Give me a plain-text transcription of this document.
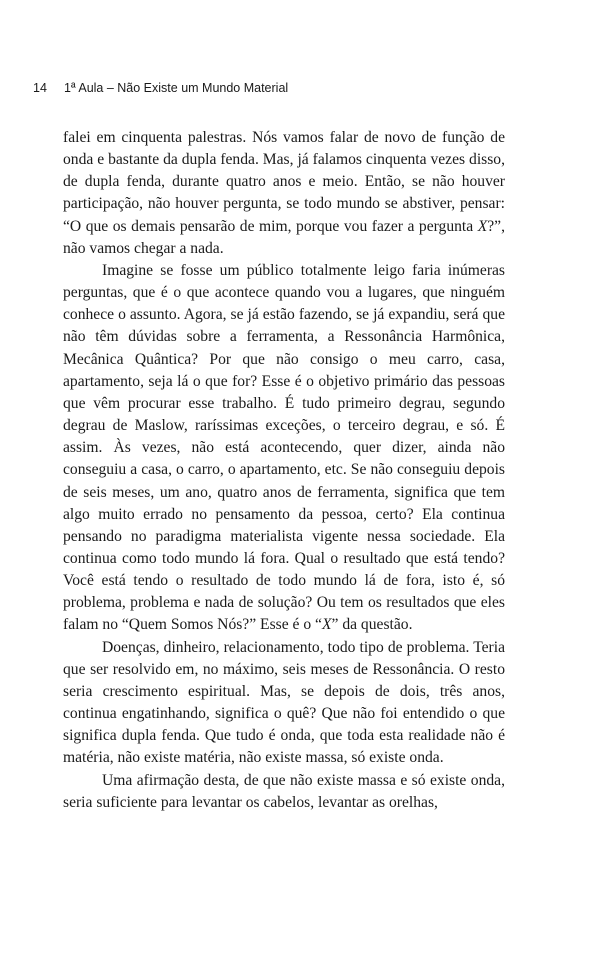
14 1ª Aula – Não Existe um Mundo Material

falei em cinquenta palestras. Nós vamos falar de novo de função de onda e bastante da dupla fenda. Mas, já falamos cinquenta vezes disso, de dupla fenda, durante quatro anos e meio. Então, se não houver participação, não houver pergunta, se todo mundo se abstiver, pensar: “O que os demais pensarão de mim, porque vou fazer a pergunta X?”, não vamos chegar a nada.

Imagine se fosse um público totalmente leigo faria inúmeras perguntas, que é o que acontece quando vou a lugares, que ninguém conhece o assunto. Agora, se já estão fazendo, se já expandiu, será que não têm dúvidas sobre a ferramenta, a Ressonância Harmônica, Mecânica Quântica? Por que não consigo o meu carro, casa, apartamento, seja lá o que for? Esse é o objetivo primário das pessoas que vêm procurar esse trabalho. É tudo primeiro degrau, segundo degrau de Maslow, raríssimas exceções, o terceiro degrau, e só. É assim. Às vezes, não está acontecendo, quer dizer, ainda não conseguiu a casa, o carro, o apartamento, etc. Se não conseguiu depois de seis meses, um ano, quatro anos de ferramenta, significa que tem algo muito errado no pensamento da pessoa, certo? Ela continua pensando no paradigma materialista vigente nessa sociedade. Ela continua como todo mundo lá fora. Qual o resultado que está tendo? Você está tendo o resultado de todo mundo lá de fora, isto é, só problema, problema e nada de solução? Ou tem os resultados que eles falam no “Quem Somos Nós?” Esse é o “X” da questão.

Doenças, dinheiro, relacionamento, todo tipo de problema. Teria que ser resolvido em, no máximo, seis meses de Ressonância. O resto seria crescimento espiritual. Mas, se depois de dois, três anos, continua engatinhando, significa o quê? Que não foi entendido o que significa dupla fenda. Que tudo é onda, que toda esta realidade não é matéria, não existe matéria, não existe massa, só existe onda.

Uma afirmação desta, de que não existe massa e só existe onda, seria suficiente para levantar os cabelos, levantar as orelhas,
